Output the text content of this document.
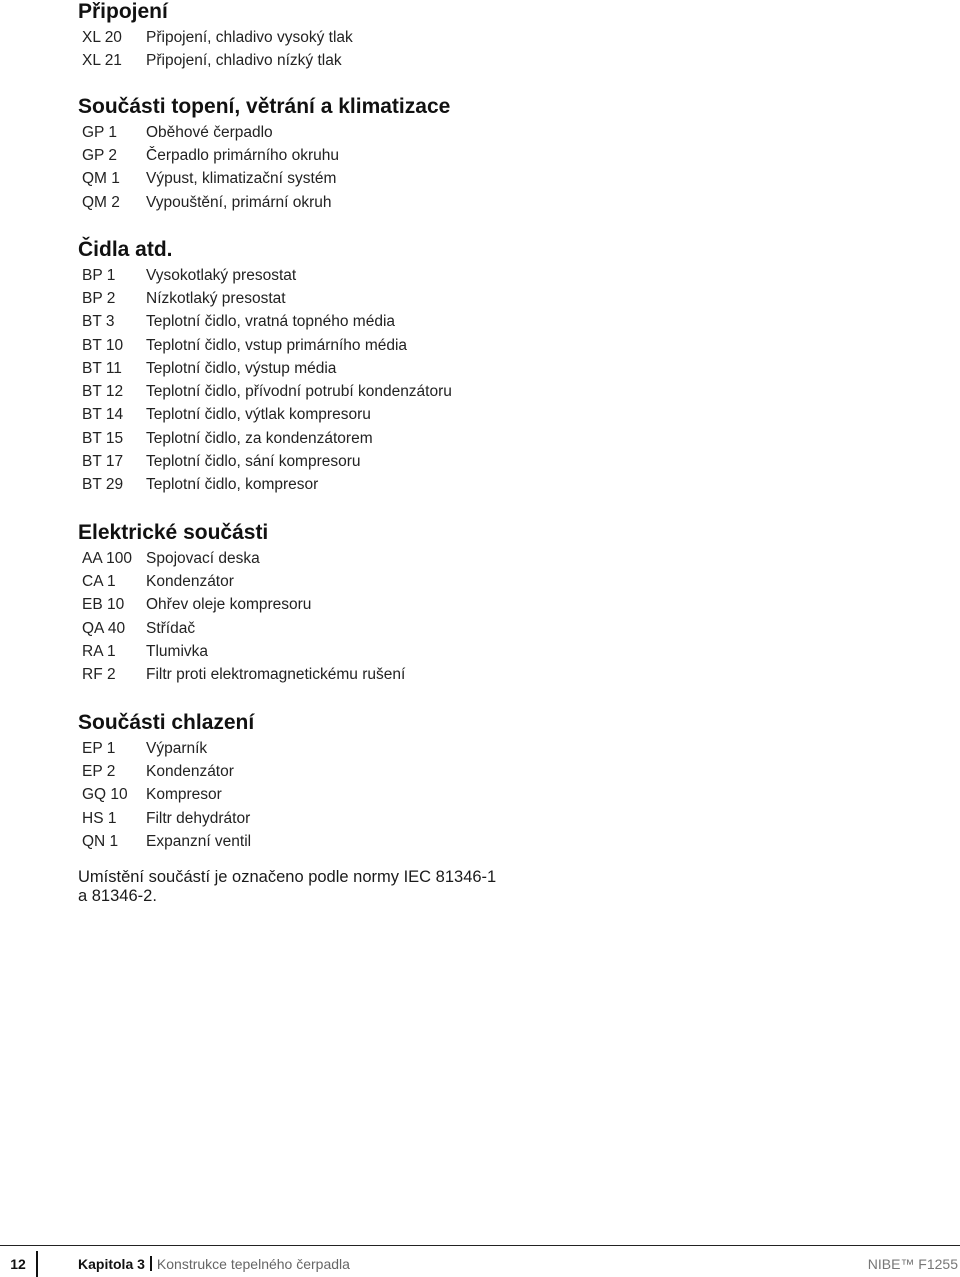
Připojení
XL 20	Připojení, chladivo vysoký tlak
XL 21	Připojení, chladivo nízký tlak
Součásti topení, větrání a klimatizace
GP 1	Oběhové čerpadlo
GP 2	Čerpadlo primárního okruhu
QM 1	Výpust, klimatizační systém
QM 2	Vypouštění, primární okruh
Čidla atd.
BP 1	Vysokotlaký presostat
BP 2	Nízkotlaký presostat
BT 3	Teplotní čidlo, vratná topného média
BT 10	Teplotní čidlo, vstup primárního média
BT 11	Teplotní čidlo, výstup média
BT 12	Teplotní čidlo, přívodní potrubí kondenzátoru
BT 14	Teplotní čidlo, výtlak kompresoru
BT 15	Teplotní čidlo, za kondenzátorem
BT 17	Teplotní čidlo, sání kompresoru
BT 29	Teplotní čidlo, kompresor
Elektrické součásti
AA 100 Spojovací deska
CA 1	Kondenzátor
EB 10	Ohřev oleje kompresoru
QA 40	Střídač
RA 1	Tlumivka
RF 2	Filtr proti elektromagnetickému rušení
Součásti chlazení
EP 1	Výparník
EP 2	Kondenzátor
GQ 10	Kompresor
HS 1	Filtr dehydrátor
QN 1	Expanzní ventil
Umístění součástí je označeno podle normy IEC 81346-1 a 81346-2.
12	Kapitola 3 Konstrukce tepelného čerpadla	NIBE™ F1255
